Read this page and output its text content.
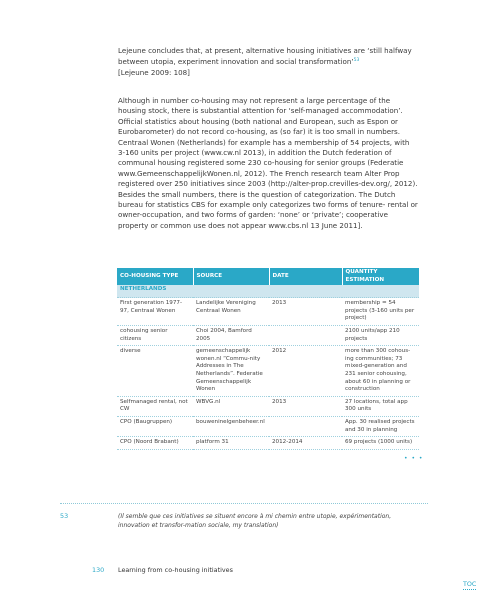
Lejeune concludes that, at present, alternative housing initiatives are ‘still halfway between utopia, experiment innovation and social transformation’$^{53}$
[Lejeune 2009: 108]

Although in number co-housing may not represent a large percentage of the housing stock, there is substantial attention for ‘self-managed accommodation’. Official statistics about housing (both national and European, such as Espon or Eurobarometer) do not record co-housing, as (so far) it is too small in numbers. Centraal Wonen (Netherlands) for example has a membership of 54 projects, with 3-160 units per project (www.cw.nl 2013), in addition the Dutch federation of communal housing registered some 230 co-housing for senior groups (Federatie www.GemeenschappelijkWonen.nl, 2012). The French research team Alter Prop registered over 250 initiatives since 2003 (http://alter-prop.crevilles-dev.org/, 2012). Besides the small numbers, there is the question of categorization. The Dutch bureau for statistics CBS for example only categorizes two forms of tenure- rental or owner-occupation, and two forms of garden: ‘none’ or ‘private’; cooperative property or common use does not appear www.cbs.nl 13 June 2011].

CO-HOUSING TYPE	SOURCE	DATE	QUANTITY ESTIMATION
NETHERLANDS			
First generation 1977-97, Centraal Wonen	Landelijke Vereniging Centraal Wonen	2013	membership = 54 projects (3-160 units per project)
cohousing senior citizens	Choi 2004, Bamford 2005		2100 units/app 210 projects
diverse	gemeenschappelijk wonen.nl “Commu-nity Addresses in The Netherlands”. Federatie Gemeenschappelijk Wonen	2012	more than 300 cohous-ing communities; 73 mixed-generation and 231 senior cohousing, about 60 in planning or construction
Selfmanaged rental, not CW	WBVG.nl	2013	27 locations, total app 300 units
CPO (Baugruppen)	bouweninelgenbeheer.nl		App. 30 realised projects and 30 in planning
CPO (Noord Brabant)	platform 31	2012-2014	69 projects (1000 units)
• • •
53	(Il semble que ces initiatives se situent encore à mi chemin entre utopie, expérimentation, innovation et transfor-mation sociale, my translation)
130 Learning from co-housing initiatives
TOC
